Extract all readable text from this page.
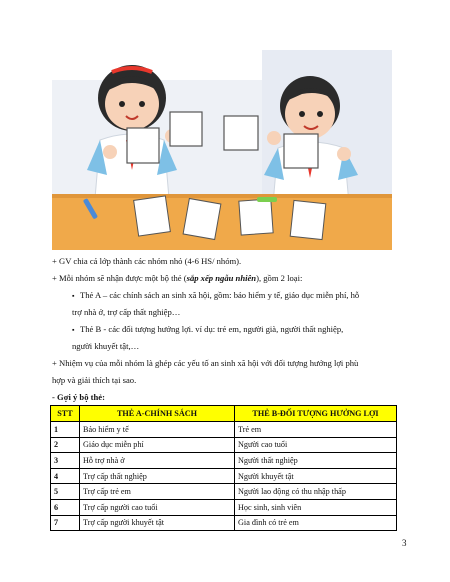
+ GV chia cả lớp thành các nhóm nhỏ (4-6 HS/ nhóm).
+ Mỗi nhóm sẽ nhận được một bộ thẻ (sắp xếp ngẫu nhiên), gồm 2 loại:
▪ Thẻ A – các chính sách an sinh xã hội, gồm: bảo hiểm y tế, giáo dục miễn phí, hỗ
trợ nhà ở, trợ cấp thất nghiệp…
▪ Thẻ B - các đối tượng hưởng lợi. ví dụ: trẻ em, người già, người thất nghiệp,
người khuyết tật,…
+ Nhiệm vụ của mỗi nhóm là ghép các yếu tố an sinh xã hội với đối tượng hưởng lợi phù
hợp và giải thích tại sao.
- Gợi ý bộ thẻ:
STT	THẺ A-CHÍNH SÁCH	THẺ B-ĐỐI TƯỢNG HƯỞNG LỢI
1	Bảo hiểm y tế	Trẻ em
2	Giáo dục miễn phí	Người cao tuổi
3	Hỗ trợ nhà ở	Người thất nghiệp
4	Trợ cấp thất nghiệp	Người khuyết tật
5	Trợ cấp trẻ em	Người lao động có thu nhập thấp
6	Trợ cấp người cao tuổi	Học sinh, sinh viên
7	Trợ cấp người khuyết tật	Gia đình có trẻ em
3
